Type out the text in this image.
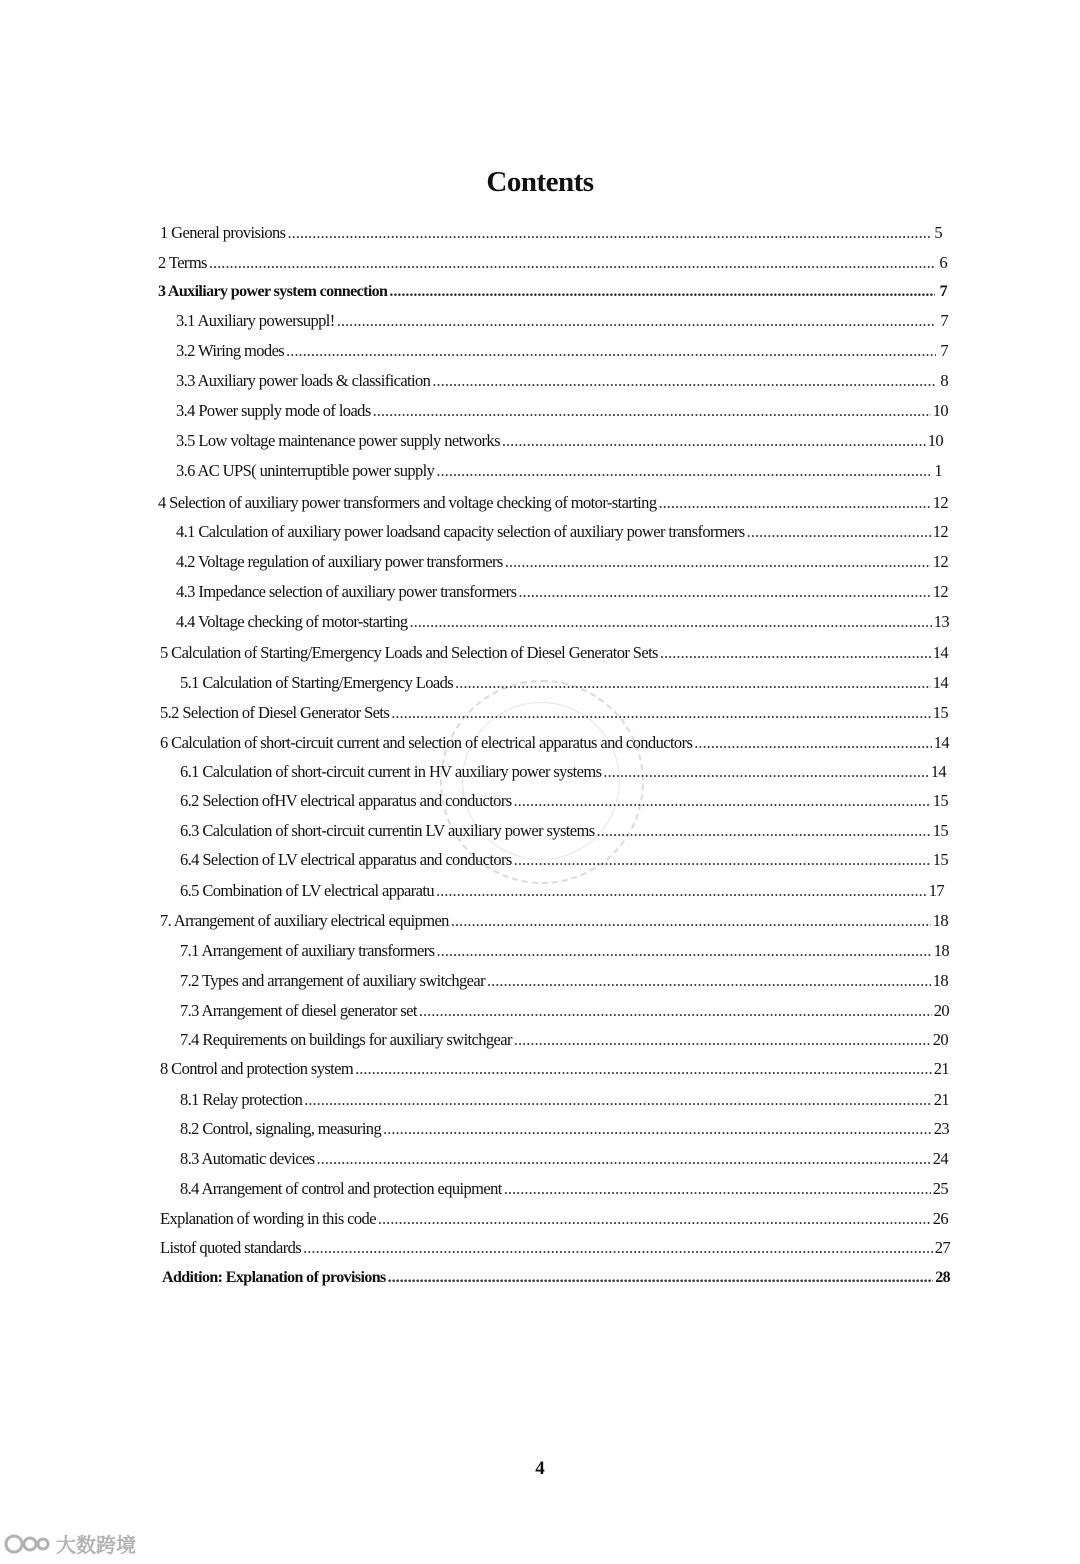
Contents
1 General provisions .....	5
2 Terms .....	6
3 Auxiliary power system connection .....	7
3.1 Auxiliary powersuppl! .....	7
3.2 Wiring modes .....	7
3.3 Auxiliary power loads & classification .....	8
3.4 Power supply mode of loads .....	10
3.5 Low voltage maintenance power supply networks .....	10
3.6 AC UPS( uninterruptible power supply .....	1
4 Selection of auxiliary power transformers and voltage checking of motor-starting .....	12
4.1 Calculation of auxiliary power loadsand capacity selection of auxiliary power transformers .....	12
4.2 Voltage regulation of auxiliary power transformers .....	12
4.3 Impedance selection of auxiliary power transformers .....	12
4.4 Voltage checking of motor-starting .....	13
5 Calculation of Starting/Emergency Loads and Selection of Diesel Generator Sets .....	14
5.1 Calculation of Starting/Emergency Loads .....	14
5.2 Selection of Diesel Generator Sets .....	15
6 Calculation of short-circuit current and selection of electrical apparatus and conductors .....	14
6.1 Calculation of short-circuit current in HV auxiliary power systems .....	14
6.2 Selection ofHV electrical apparatus and conductors .....	15
6.3 Calculation of short-circuit currentin LV auxiliary power systems .....	15
6.4 Selection of LV electrical apparatus and conductors .....	15
6.5 Combination of LV electrical apparatu .....	17
7. Arrangement of auxiliary electrical equipmen .....	18
7.1 Arrangement of auxiliary transformers .....	18
7.2 Types and arrangement of auxiliary switchgear .....	18
7.3 Arrangement of diesel generator set .....	20
7.4 Requirements on buildings for auxiliary switchgear .....	20
8 Control and protection system .....	21
8.1 Relay protection .....	21
8.2 Control, signaling, measuring .....	23
8.3 Automatic devices .....	24
8.4 Arrangement of control and protection equipment .....	25
Explanation of wording in this code .....	26
Listof quoted standards .....	27
Addition: Explanation of provisions .....	28
4
大数跨境
